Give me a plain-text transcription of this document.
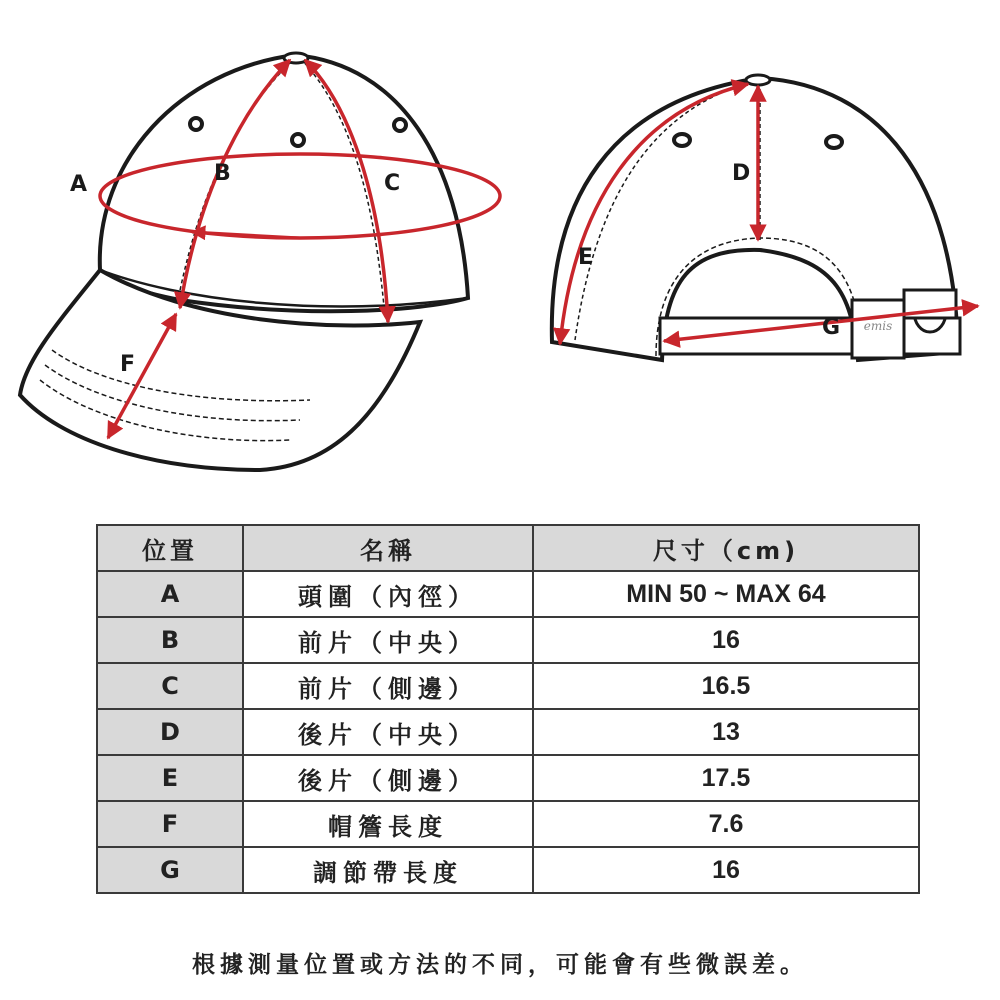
A	B	C
F
emis
D
E
G
位置	名稱	尺寸（cm)
A	頭圍（內徑）	MIN 50 ~ MAX 64
B	前片（中央）	16
C	前片（側邊）	16.5
D	後片（中央）	13
E	後片（側邊）	17.5
F	帽簷長度	7.6
G	調節帶長度	16
根據測量位置或方法的不同，可能會有些微誤差。
